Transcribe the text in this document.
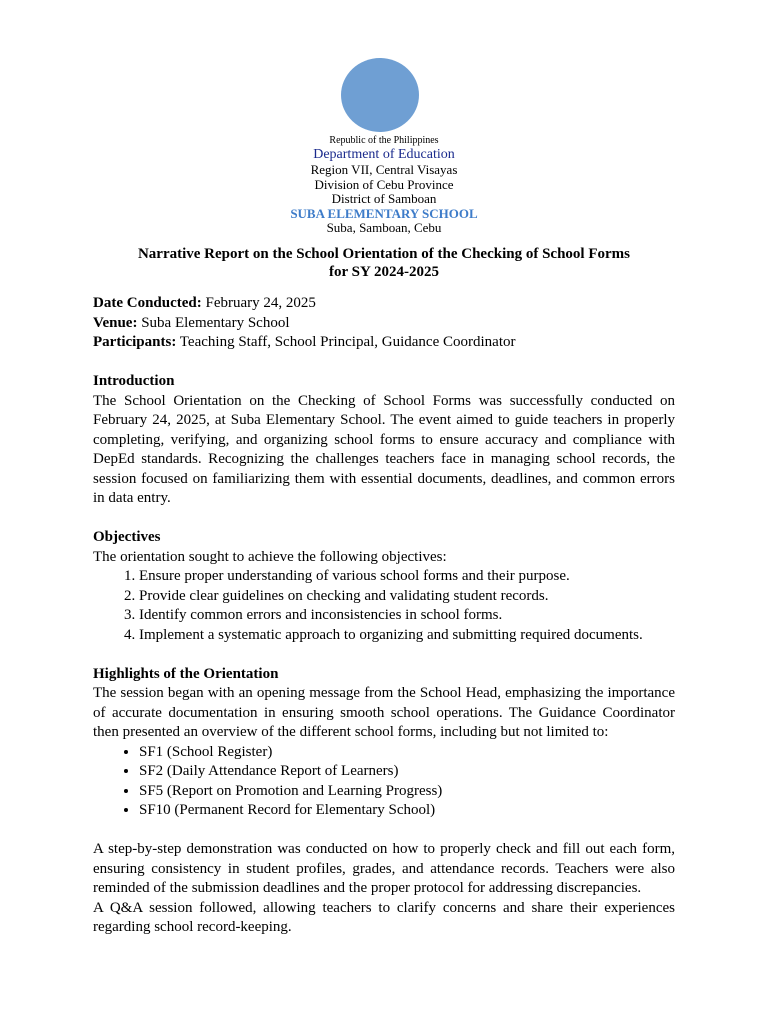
Republic of the Philippines
Department of Education
Region VII, Central Visayas
Division of Cebu Province
District of Samboan
SUBA ELEMENTARY SCHOOL
Suba, Samboan, Cebu
Narrative Report on the School Orientation of the Checking of School Forms
for SY 2024-2025

Date Conducted: February 24, 2025

Venue: Suba Elementary School

Participants: Teaching Staff, School Principal, Guidance Coordinator

Introduction

The School Orientation on the Checking of School Forms was successfully conducted on February 24, 2025, at Suba Elementary School. The event aimed to guide teachers in properly completing, verifying, and organizing school forms to ensure accuracy and compliance with DepEd standards. Recognizing the challenges teachers face in managing school records, the session focused on familiarizing them with essential documents, deadlines, and common errors in data entry.

Objectives

The orientation sought to achieve the following objectives:

1. Ensure proper understanding of various school forms and their purpose.
2. Provide clear guidelines on checking and validating student records.
3. Identify common errors and inconsistencies in school forms.
4. Implement a systematic approach to organizing and submitting required documents.

Highlights of the Orientation

The session began with an opening message from the School Head, emphasizing the importance of accurate documentation in ensuring smooth school operations. The Guidance Coordinator then presented an overview of the different school forms, including but not limited to:

• SF1 (School Register)
• SF2 (Daily Attendance Report of Learners)
• SF5 (Report on Promotion and Learning Progress)
• SF10 (Permanent Record for Elementary School)

A step-by-step demonstration was conducted on how to properly check and fill out each form, ensuring consistency in student profiles, grades, and attendance records. Teachers were also reminded of the submission deadlines and the proper protocol for addressing discrepancies.

A Q&A session followed, allowing teachers to clarify concerns and share their experiences regarding school record-keeping.
